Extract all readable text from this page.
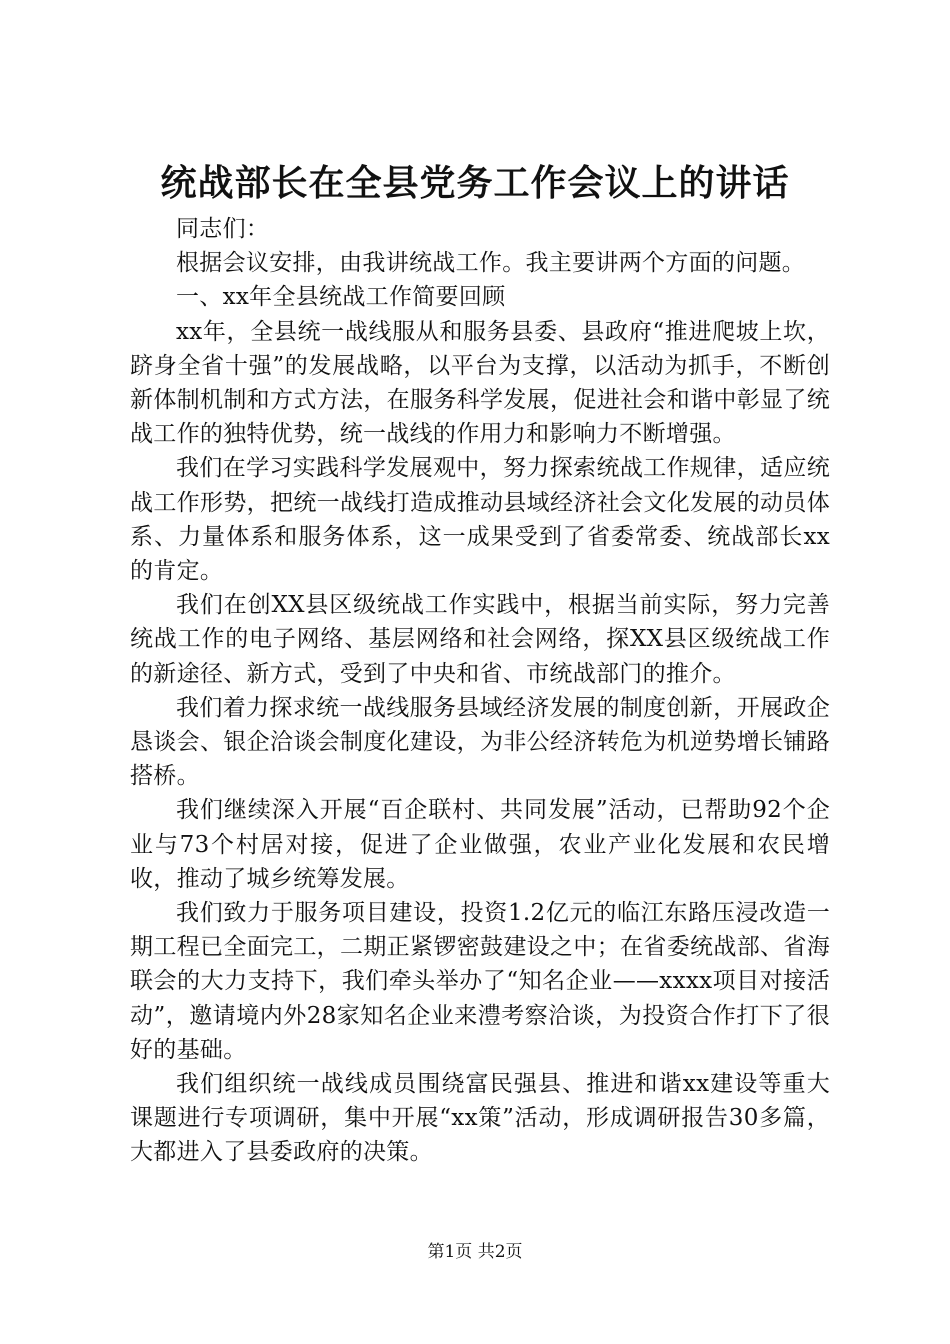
统战部长在全县党务工作会议上的讲话

同志们：

根据会议安排，由我讲统战工作。我主要讲两个方面的问题。

一、xx年全县统战工作简要回顾

xx年，全县统一战线服从和服务县委、县政府“推进爬坡上坎，跻身全省十强”的发展战略，以平台为支撑，以活动为抓手，不断创新体制机制和方式方法，在服务科学发展，促进社会和谐中彰显了统战工作的独特优势，统一战线的作用力和影响力不断增强。

我们在学习实践科学发展观中，努力探索统战工作规律，适应统战工作形势，把统一战线打造成推动县域经济社会文化发展的动员体系、力量体系和服务体系，这一成果受到了省委常委、统战部长xx的肯定。

我们在创XX县区级统战工作实践中，根据当前实际，努力完善统战工作的电子网络、基层网络和社会网络，探XX县区级统战工作的新途径、新方式，受到了中央和省、市统战部门的推介。

我们着力探求统一战线服务县域经济发展的制度创新，开展政企恳谈会、银企洽谈会制度化建设，为非公经济转危为机逆势增长铺路搭桥。

我们继续深入开展“百企联村、共同发展”活动，已帮助92个企业与73个村居对接，促进了企业做强，农业产业化发展和农民增收，推动了城乡统筹发展。

我们致力于服务项目建设，投资1.2亿元的临江东路压浸改造一期工程已全面完工，二期正紧锣密鼓建设之中；在省委统战部、省海联会的大力支持下，我们牵头举办了“知名企业——xxxx项目对接活动”，邀请境内外28家知名企业来澧考察洽谈，为投资合作打下了很好的基础。

我们组织统一战线成员围绕富民强县、推进和谐xx建设等重大课题进行专项调研，集中开展“xx策”活动，形成调研报告30多篇，大都进入了县委政府的决策。

第1页 共2页
